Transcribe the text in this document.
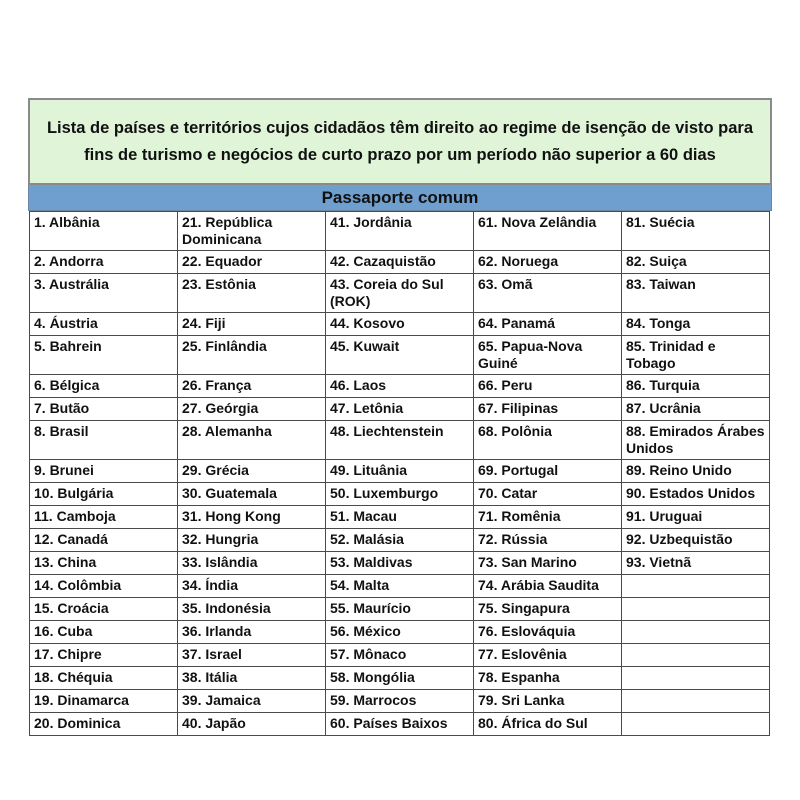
Lista de países e territórios cujos cidadãos têm direito ao regime de isenção de visto para fins de turismo e negócios de curto prazo por um período não superior a 60 dias

Passaporte comum
1. Albânia	21. República Dominicana	41. Jordânia	61. Nova Zelândia	81. Suécia
2. Andorra	22. Equador	42. Cazaquistão	62. Noruega	82. Suiça
3. Austrália	23. Estônia	43. Coreia do Sul (ROK)	63. Omã	83. Taiwan
4. Áustria	24. Fiji	44. Kosovo	64. Panamá	84. Tonga
5. Bahrein	25. Finlândia	45. Kuwait	65. Papua-Nova Guiné	85. Trinidad e Tobago
6. Bélgica	26. França	46. Laos	66. Peru	86. Turquia
7. Butão	27. Geórgia	47. Letônia	67. Filipinas	87. Ucrânia
8. Brasil	28. Alemanha	48. Liechtenstein	68. Polônia	88. Emirados Árabes Unidos
9. Brunei	29. Grécia	49. Lituânia	69. Portugal	89. Reino Unido
10. Bulgária	30. Guatemala	50. Luxemburgo	70. Catar	90. Estados Unidos
11. Camboja	31. Hong Kong	51. Macau	71. Romênia	91. Uruguai
12. Canadá	32. Hungria	52. Malásia	72. Rússia	92. Uzbequistão
13. China	33. Islândia	53. Maldivas	73. San Marino	93. Vietnã
14. Colômbia	34. Índia	54. Malta	74. Arábia Saudita	
15. Croácia	35. Indonésia	55. Maurício	75. Singapura	
16. Cuba	36. Irlanda	56. México	76. Eslováquia	
17. Chipre	37. Israel	57. Mônaco	77. Eslovênia	
18. Chéquia	38. Itália	58. Mongólia	78. Espanha	
19. Dinamarca	39. Jamaica	59. Marrocos	79. Sri Lanka	
20. Dominica	40. Japão	60. Países Baixos	80. África do Sul	
